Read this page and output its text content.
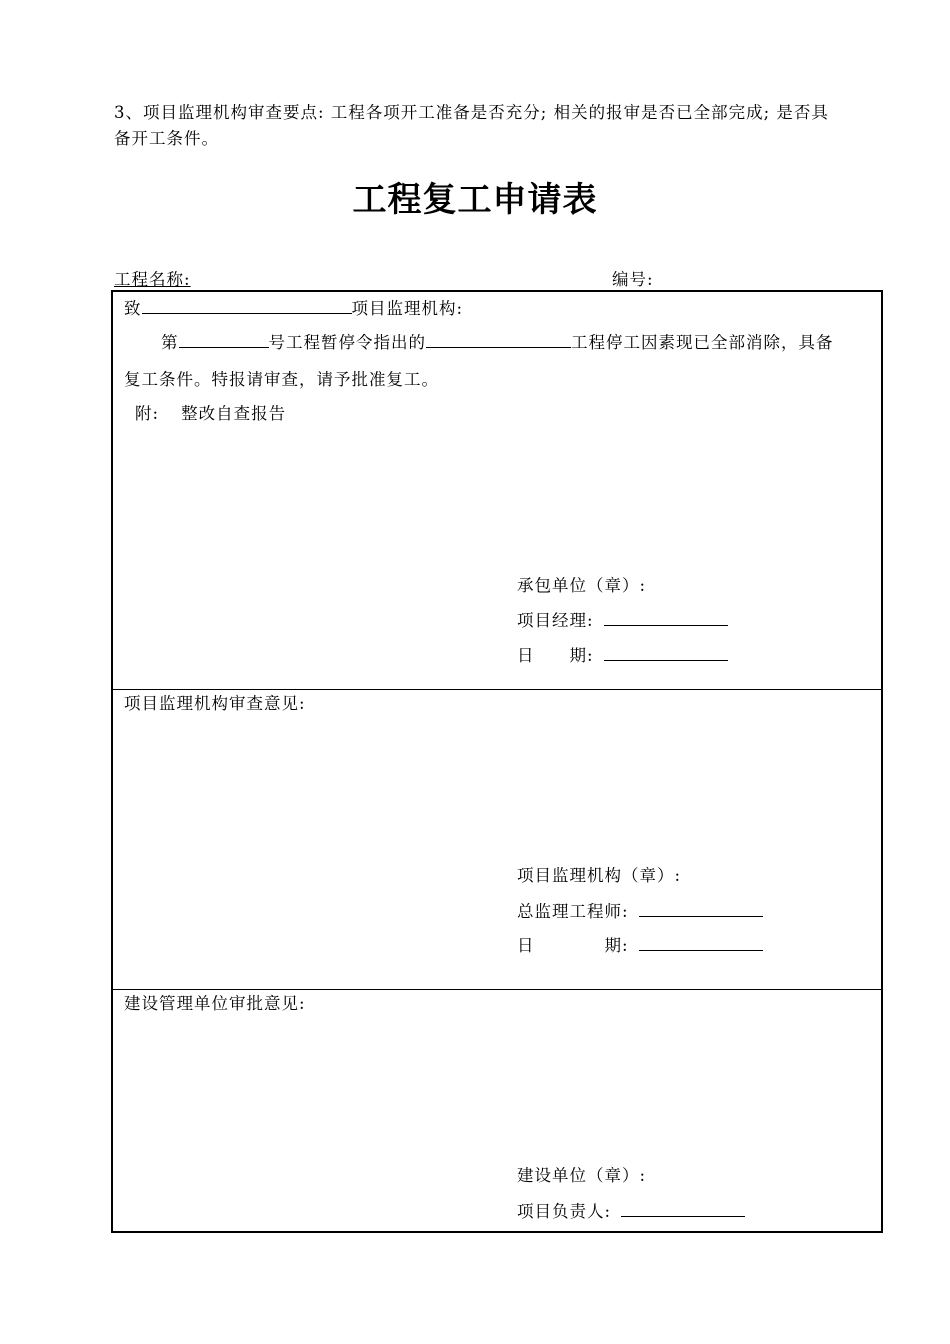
3、项目监理机构审查要点: 工程各项开工准备是否充分; 相关的报审是否已全部完成; 是否具
备开工条件。
工程复工申请表
工程名称:	编号:
致	项目监理机构:
第	号工程暂停令指出的	工程停工因素现已全部消除，具备
复工条件。特报请审查，请予批准复工。
附: 整改自查报告
承包单位（章）:
项目经理:
日　　期:
项目监理机构审查意见:
项目监理机构（章）:
总监理工程师:
日　　　　期:
建设管理单位审批意见:
建设单位（章）:
项目负责人:
